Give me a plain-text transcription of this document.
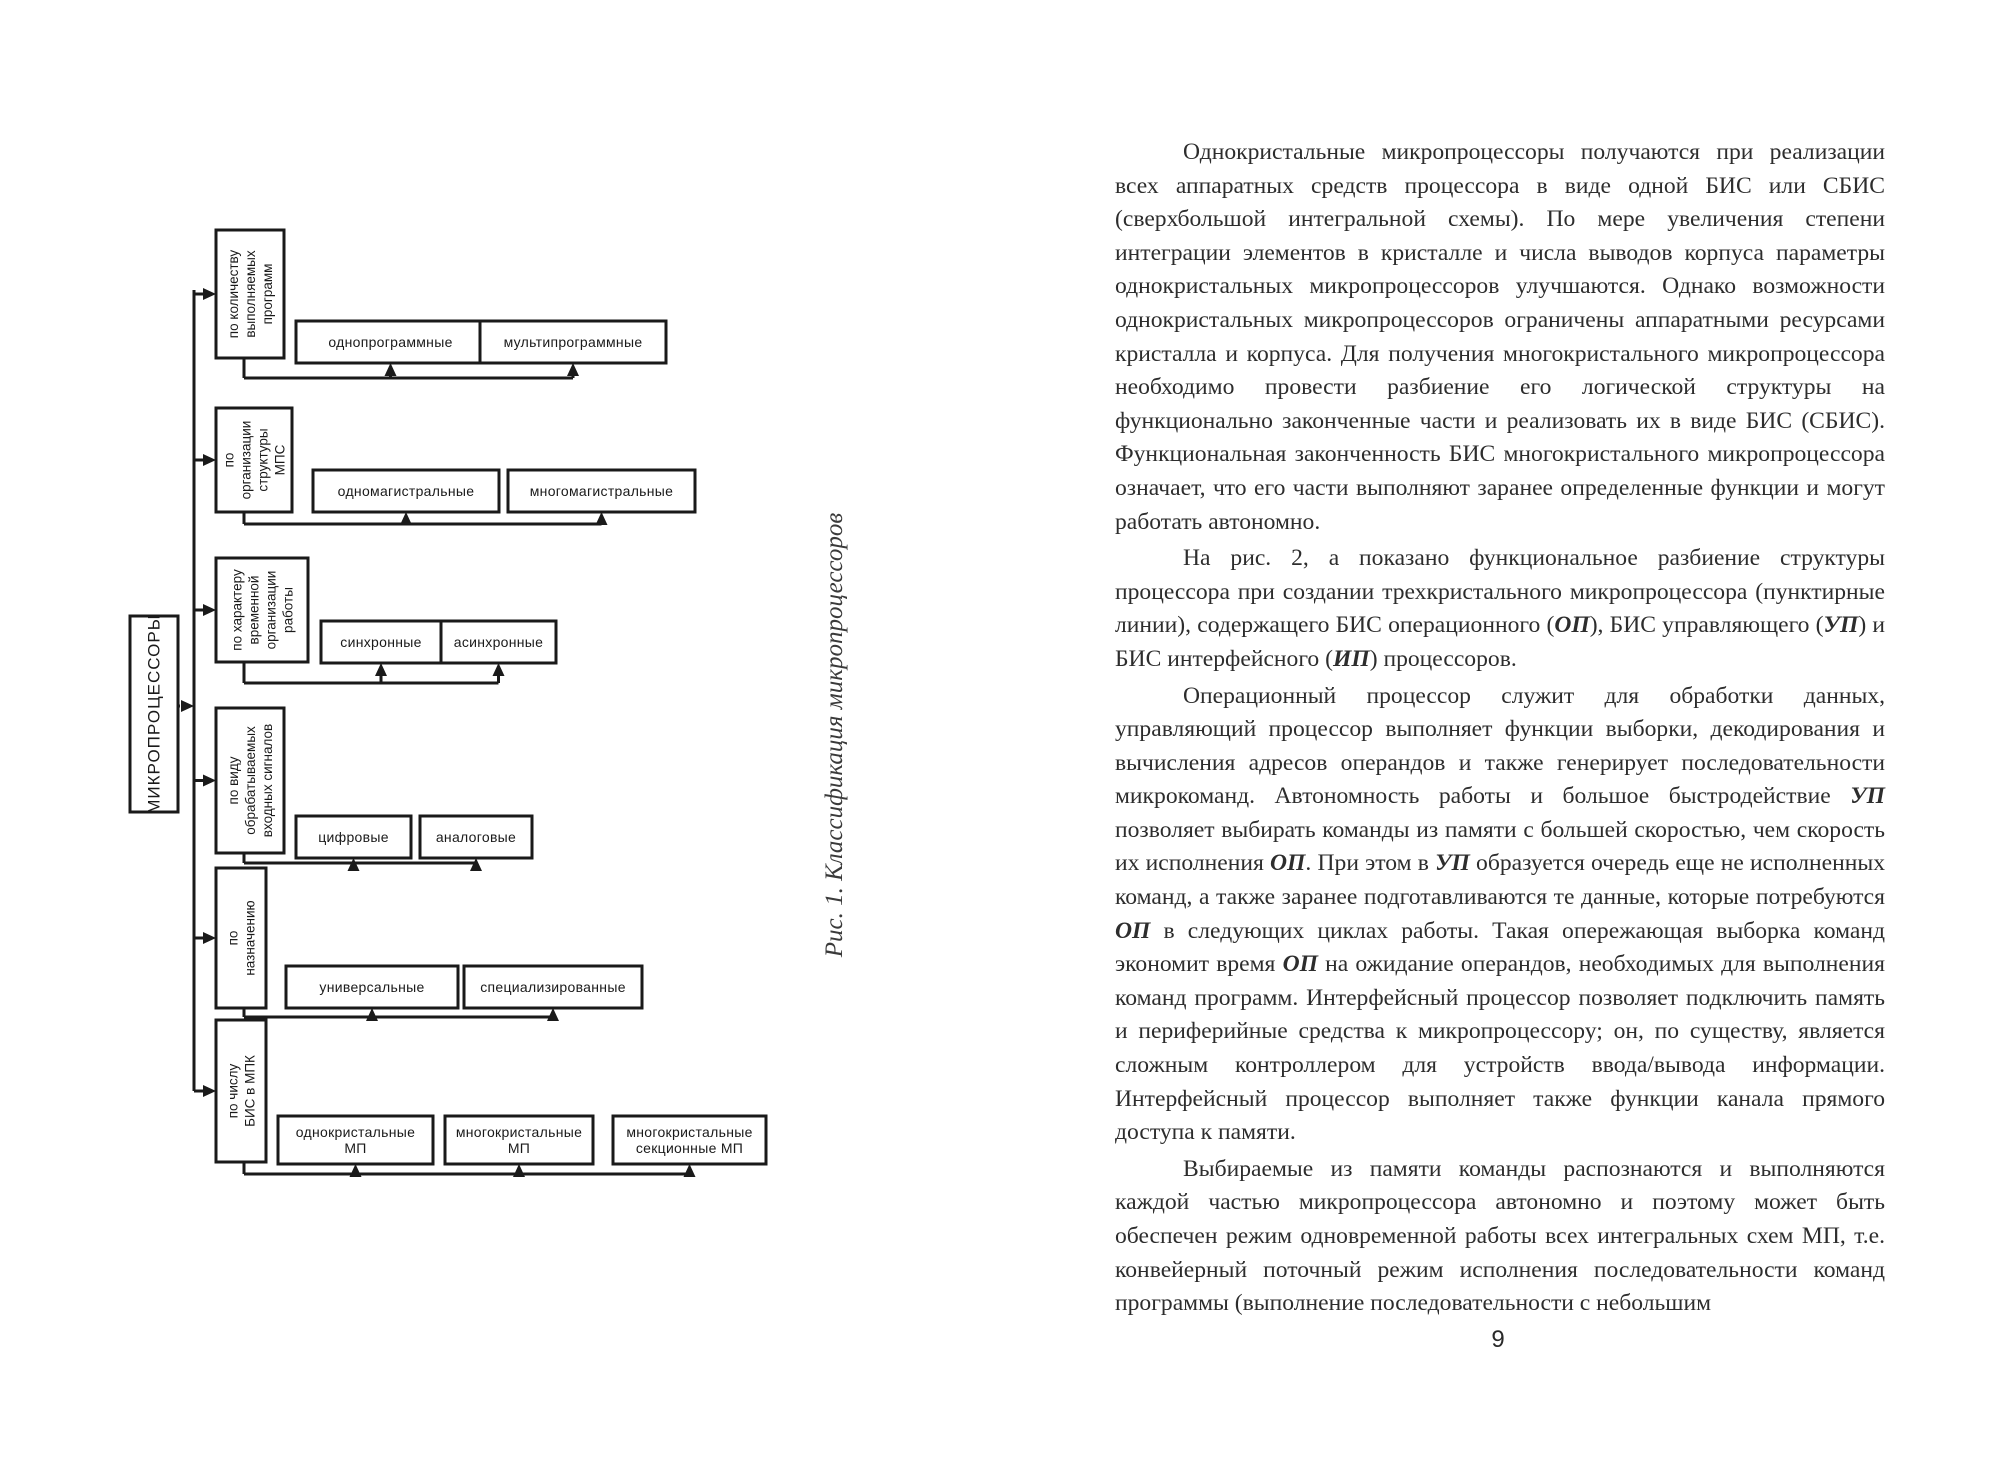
МИКРОПРОЦЕССОРЫ
по количеству выполняемых программ
однопрограммные	мультипрограммные
по организации структуры МПС
одномагистральные	многомагистральные
по характеру временной организации работы
синхронные асинхронные
по виду обрабатываемых входных сигналов	цифровые	аналоговые
по назначению
универсальные	специализированные
по числу БИС в МПК
однокристальные МП
многокристальные МП
многокристальные секционные МП
Рис. 1. Классификация микропроцессоров

Однокристальные микропроцессоры получаются при реализации всех аппаратных средств процессора в виде одной БИС или СБИС (сверхбольшой интегральной схемы). По мере увеличения степени интеграции элементов в кристалле и числа выводов корпуса параметры однокристальных микропроцессоров улучшаются. Однако возможности однокристальных микропроцессоров ограничены аппаратными ресурсами кристалла и корпуса. Для получения многокристального микропроцессора необходимо провести разбиение его логической структуры на функционально законченные части и реализовать их в виде БИС (СБИС). Функциональная законченность БИС многокристального микропроцессора означает, что его части выполняют заранее определенные функции и могут работать автономно.

На рис. 2, а показано функциональное разбиение структуры процессора при создании трехкристального микропроцессора (пунктирные линии), содержащего БИС операционного (ОП), БИС управляющего (УП) и БИС интерфейсного (ИП) процессоров.

Операционный процессор служит для обработки данных, управляющий процессор выполняет функции выборки, декодирования и вычисления адресов операндов и также генерирует последовательности микрокоманд. Автономность работы и большое быстродействие УП позволяет выбирать команды из памяти с большей скоростью, чем скорость их исполнения ОП. При этом в УП образуется очередь еще не исполненных команд, а также заранее подготавливаются те данные, которые потребуются ОП в следующих циклах работы. Такая опережающая выборка команд экономит время ОП на ожидание операндов, необходимых для выполнения команд программ. Интерфейсный процессор позволяет подключить память и периферийные средства к микропроцессору; он, по существу, является сложным контроллером для устройств ввода/вывода информации. Интерфейсный процессор выполняет также функции канала прямого доступа к памяти.

Выбираемые из памяти команды распознаются и выполняются каждой частью микропроцессора автономно и поэтому может быть обеспечен режим одновременной работы всех интегральных схем МП, т.е. конвейерный поточный режим исполнения последовательности команд программы (выполнение последовательности с небольшим

9
